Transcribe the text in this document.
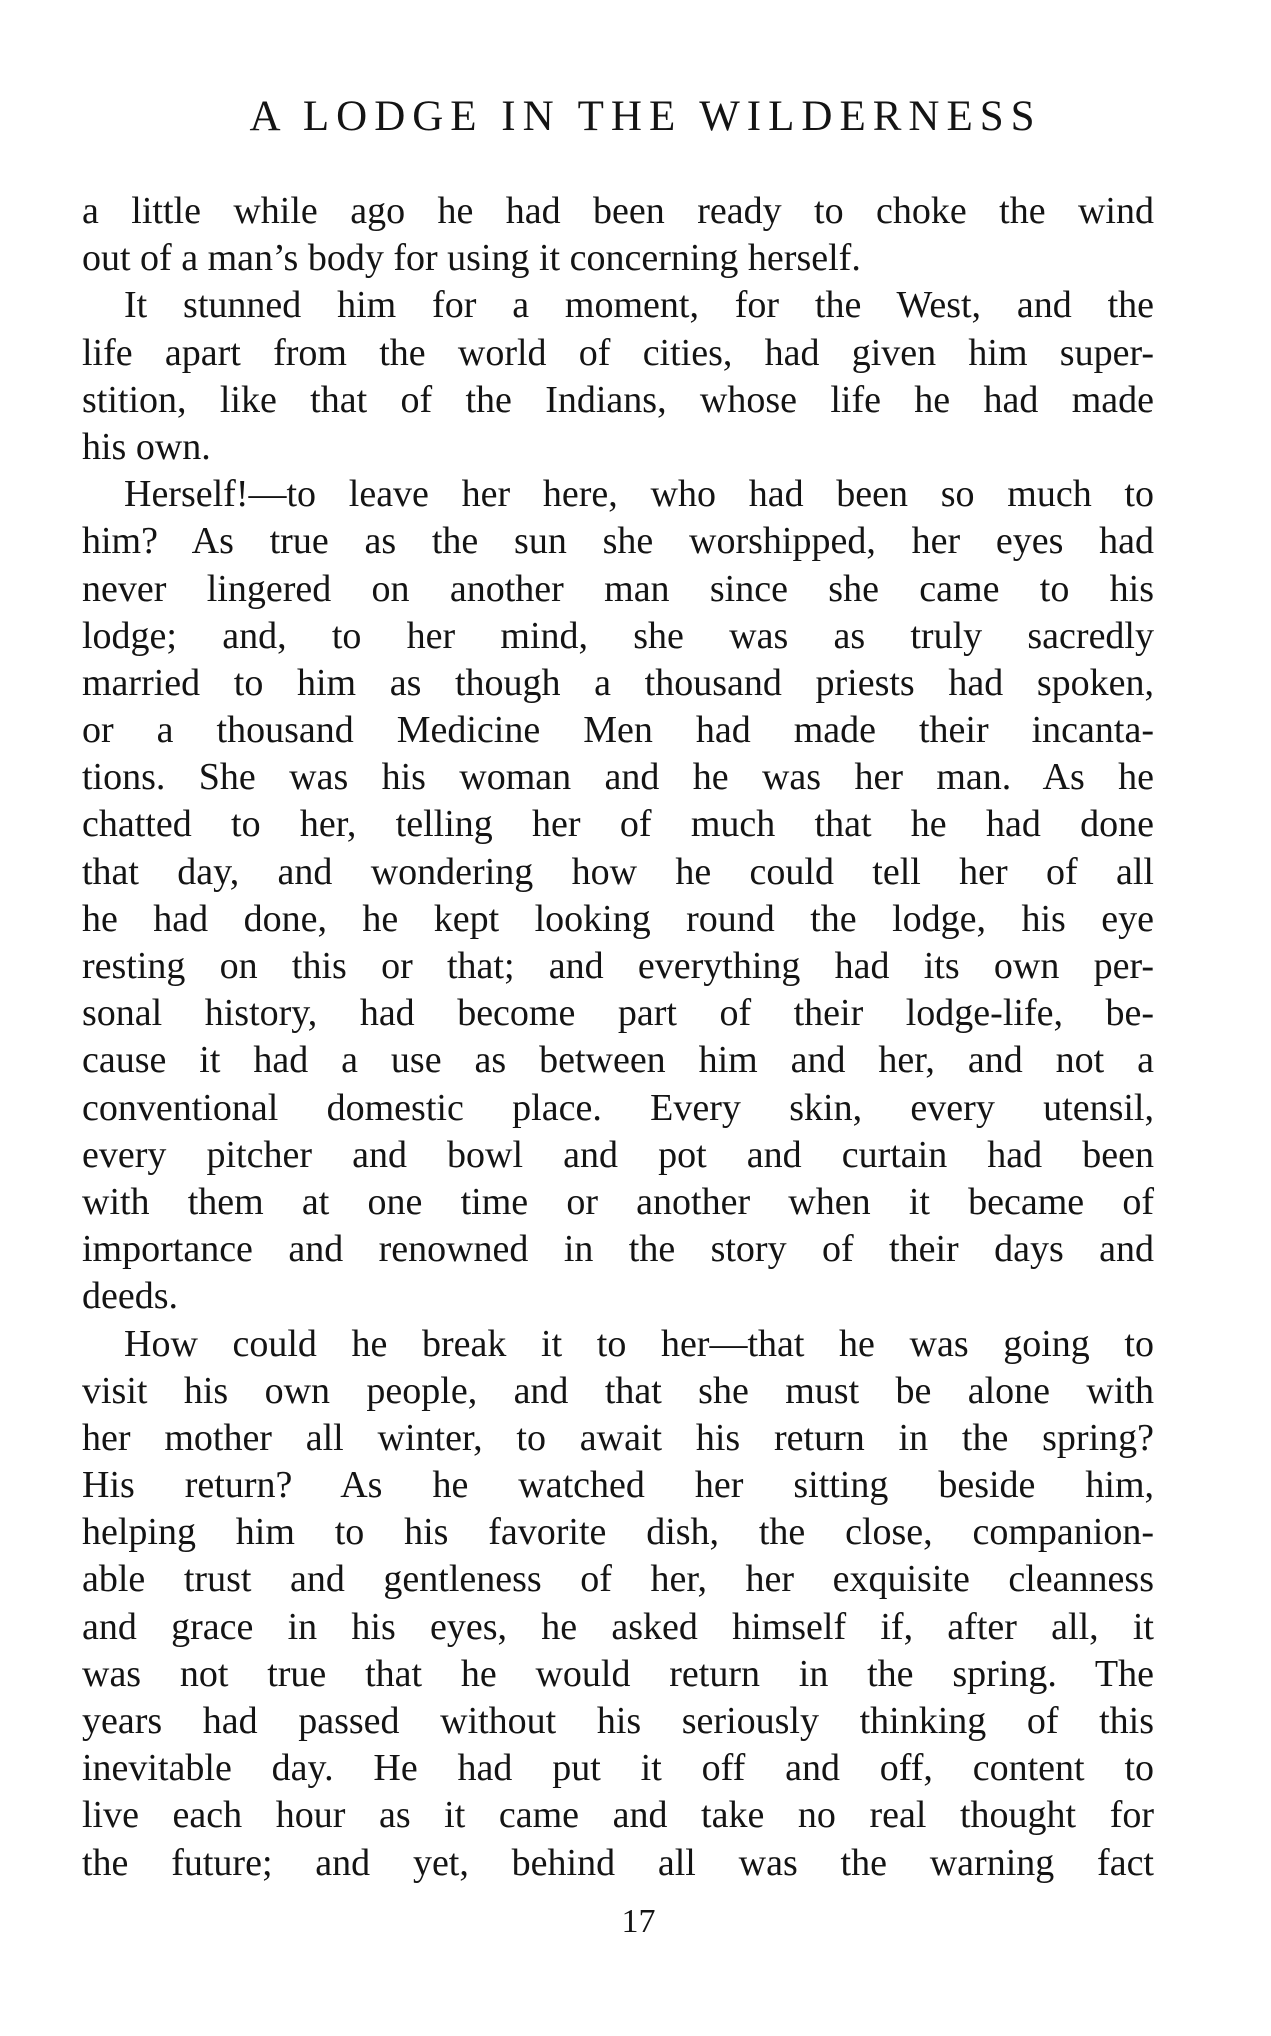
A LODGE IN THE WILDERNESS
a little while ago he had been ready to choke the wind
out of a man’s body for using it concerning herself.
It stunned him for a moment, for the West, and the
life apart from the world of cities, had given him super-
stition, like that of the Indians, whose life he had made
his own.
Herself!—to leave her here, who had been so much to
him? As true as the sun she worshipped, her eyes had
never lingered on another man since she came to his
lodge; and, to her mind, she was as truly sacredly
married to him as though a thousand priests had spoken,
or a thousand Medicine Men had made their incanta-
tions. She was his woman and he was her man. As he
chatted to her, telling her of much that he had done
that day, and wondering how he could tell her of all
he had done, he kept looking round the lodge, his eye
resting on this or that; and everything had its own per-
sonal history, had become part of their lodge-life, be-
cause it had a use as between him and her, and not a
conventional domestic place. Every skin, every utensil,
every pitcher and bowl and pot and curtain had been
with them at one time or another when it became of
importance and renowned in the story of their days and
deeds.
How could he break it to her—that he was going to
visit his own people, and that she must be alone with
her mother all winter, to await his return in the spring?
His return? As he watched her sitting beside him,
helping him to his favorite dish, the close, companion-
able trust and gentleness of her, her exquisite cleanness
and grace in his eyes, he asked himself if, after all, it
was not true that he would return in the spring. The
years had passed without his seriously thinking of this
inevitable day. He had put it off and off, content to
live each hour as it came and take no real thought for
the future; and yet, behind all was the warning fact
17
